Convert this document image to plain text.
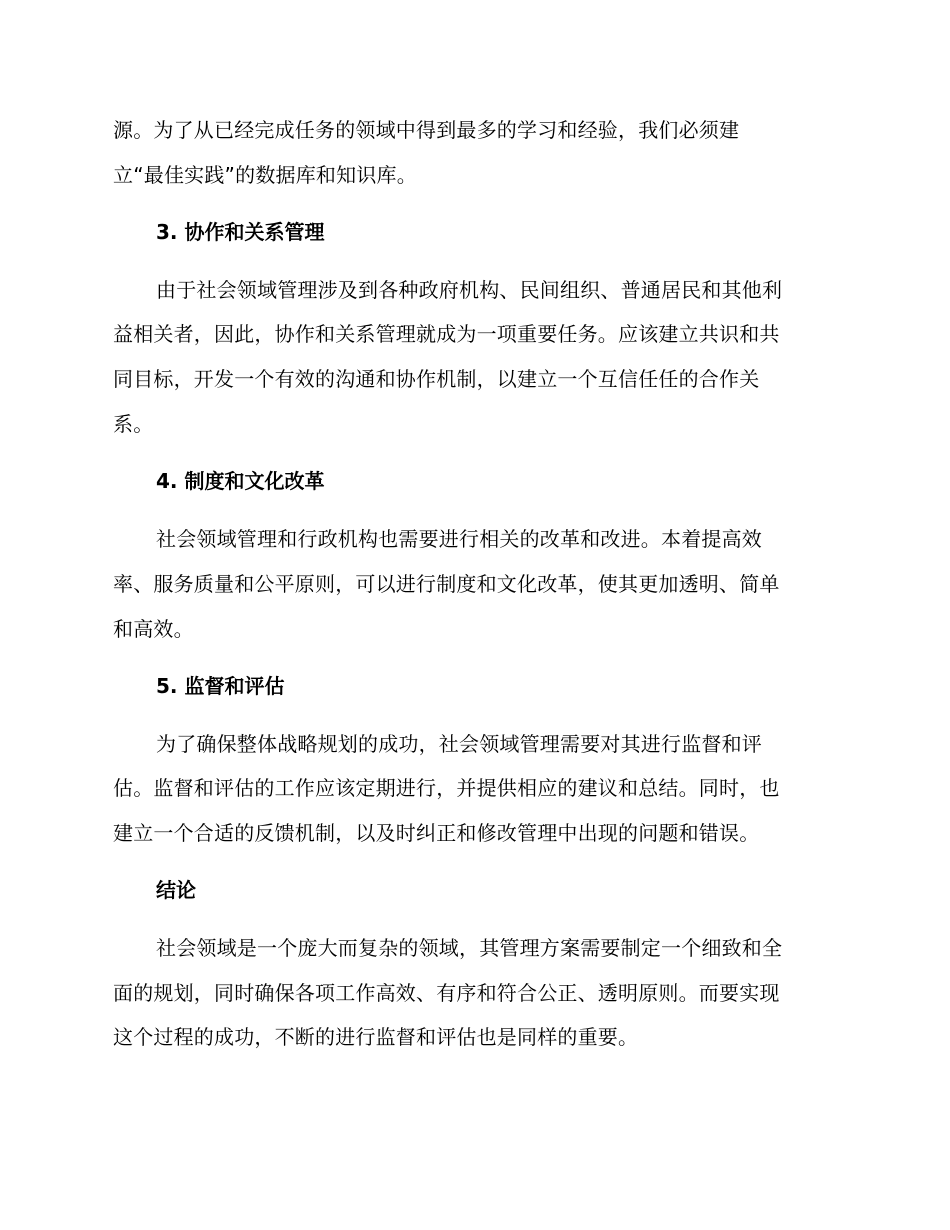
源。为了从已经完成任务的领域中得到最多的学习和经验，我们必须建
立“最佳实践”的数据库和知识库。
3. 协作和关系管理
由于社会领域管理涉及到各种政府机构、民间组织、普通居民和其他利
益相关者，因此，协作和关系管理就成为一项重要任务。应该建立共识和共
同目标，开发一个有效的沟通和协作机制，以建立一个互信任任的合作关
系。
4. 制度和文化改革
社会领域管理和行政机构也需要进行相关的改革和改进。本着提高效
率、服务质量和公平原则，可以进行制度和文化改革，使其更加透明、简单
和高效。
5. 监督和评估
为了确保整体战略规划的成功，社会领域管理需要对其进行监督和评
估。监督和评估的工作应该定期进行，并提供相应的建议和总结。同时，也
建立一个合适的反馈机制，以及时纠正和修改管理中出现的问题和错误。
结论
社会领域是一个庞大而复杂的领域，其管理方案需要制定一个细致和全
面的规划，同时确保各项工作高效、有序和符合公正、透明原则。而要实现
这个过程的成功，不断的进行监督和评估也是同样的重要。
